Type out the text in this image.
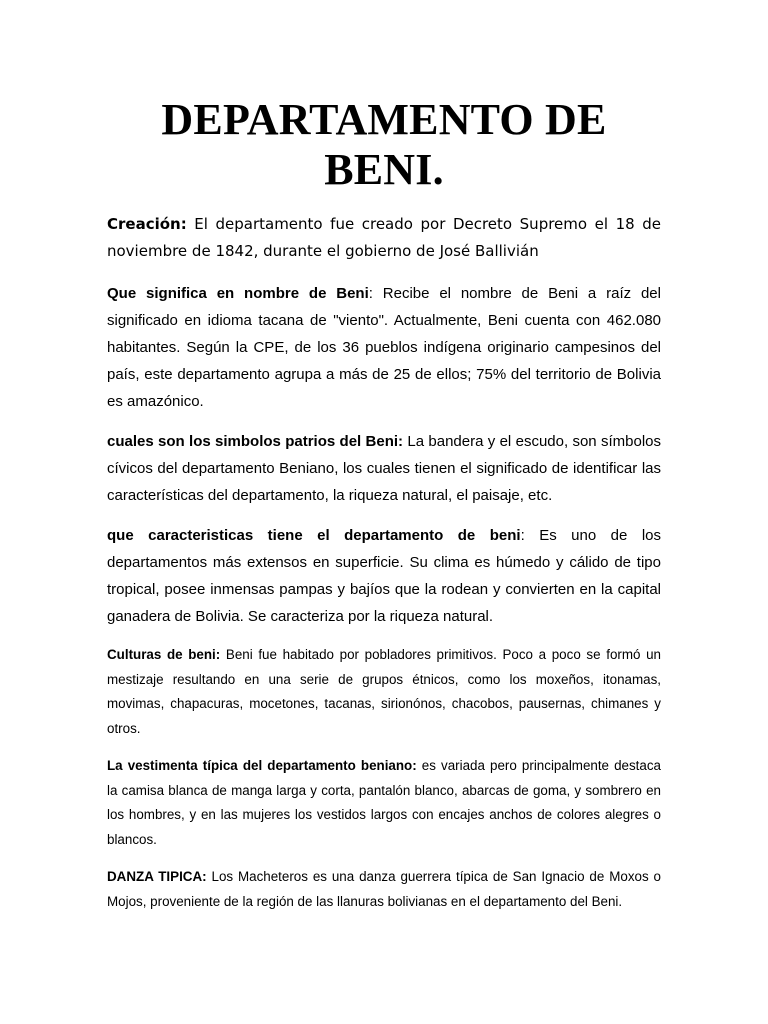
DEPARTAMENTO DE
BENI.

Creación: El departamento fue creado por Decreto Supremo el 18 de noviembre de 1842, durante el gobierno de José Ballivián

Que significa en nombre de Beni: Recibe el nombre de Beni a raíz del significado en idioma tacana de "viento". Actualmente, Beni cuenta con 462.080 habitantes. Según la CPE, de los 36 pueblos indígena originario campesinos del país, este departamento agrupa a más de 25 de ellos; 75% del territorio de Bolivia es amazónico.

cuales son los simbolos patrios del Beni: La bandera y el escudo, son símbolos cívicos del departamento Beniano, los cuales tienen el significado de identificar las características del departamento, la riqueza natural, el paisaje, etc.

que caracteristicas tiene el departamento de beni: Es uno de los departamentos más extensos en superficie. Su clima es húmedo y cálido de tipo tropical, posee inmensas pampas y bajíos que la rodean y convierten en la capital ganadera de Bolivia. Se caracteriza por la riqueza natural.

Culturas de beni: Beni fue habitado por pobladores primitivos. Poco a poco se formó un mestizaje resultando en una serie de grupos étnicos, como los moxeños, itonamas, movimas, chapacuras, mocetones, tacanas, sirionónos, chacobos, pausernas, chimanes y otros.

La vestimenta típica del departamento beniano: es variada pero principalmente destaca la camisa blanca de manga larga y corta, pantalón blanco, abarcas de goma, y sombrero en los hombres, y en las mujeres los vestidos largos con encajes anchos de colores alegres o blancos.

DANZA TIPICA: Los Macheteros es una danza guerrera típica de San Ignacio de Moxos o Mojos, proveniente de la región de las llanuras bolivianas en el departamento del Beni.
